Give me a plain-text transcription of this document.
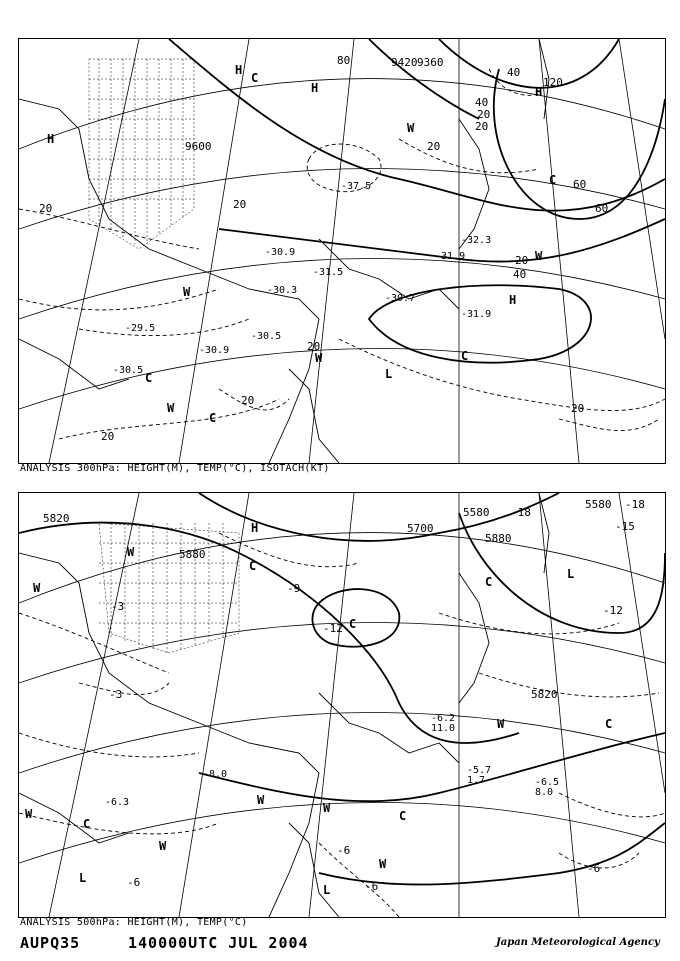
H
H
C
H
C
W
W
H
C
L
C
W
C
W
H
W
9600
9420 9360
20
20
20
20
20
40
40
60
60
80
120
20
20
40
20
20
20
-31.9
-30.7
-30.9
-30.3
-30.5
-32.3
-31.9
-31.5
-30.9
-37.5
-29.5
-30.5
ANALYSIS 300hPa: HEIGHT(M), TEMP(°C), ISOTACH(KT)
5820
5880
5700
5580
5580
5880
5820
-18
-18
-15
-12
-12
-9
-3
-6
-6
-6
-6
-3
H
W
W
C
C
C
L
C
W
W
W
W
C
L
C
W
W
L
-5.7
1.7	-6.5
8.0
-6.2
-8.0
11.0
-6.3
ANALYSIS 500hPa: HEIGHT(M), TEMP(°C)
AUPQ35	140000UTC JUL 2004	Japan Meteorological Agency
